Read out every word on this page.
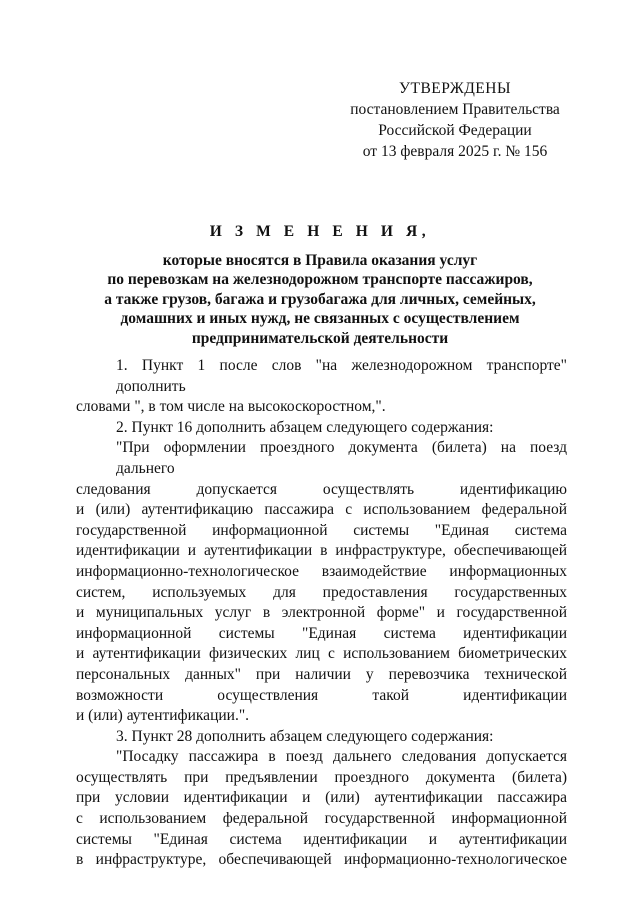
УТВЕРЖДЕНЫ
постановлением Правительства
Российской Федерации
от 13 февраля 2025 г. № 156
И З М Е Н Е Н И Я,
которые вносятся в Правила оказания услуг
по перевозкам на железнодорожном транспорте пассажиров,
а также грузов, багажа и грузобагажа для личных, семейных,
домашних и иных нужд, не связанных с осуществлением
предпринимательской деятельности
1. Пункт 1 после слов "на железнодорожном транспорте" дополнить
словами ", в том числе на высокоскоростном,".
2. Пункт 16 дополнить абзацем следующего содержания:
"При оформлении проездного документа (билета) на поезд дальнего
следования допускается осуществлять идентификацию
и (или) аутентификацию пассажира с использованием федеральной
государственной информационной системы "Единая система
идентификации и аутентификации в инфраструктуре, обеспечивающей
информационно-технологическое взаимодействие информационных
систем, используемых для предоставления государственных
и муниципальных услуг в электронной форме" и государственной
информационной системы "Единая система идентификации
и аутентификации физических лиц с использованием биометрических
персональных данных" при наличии у перевозчика технической
возможности осуществления такой идентификации
и (или) аутентификации.".
3. Пункт 28 дополнить абзацем следующего содержания:
"Посадку пассажира в поезд дальнего следования допускается
осуществлять при предъявлении проездного документа (билета)
при условии идентификации и (или) аутентификации пассажира
с использованием федеральной государственной информационной
системы "Единая система идентификации и аутентификации
в инфраструктуре, обеспечивающей информационно-технологическое
